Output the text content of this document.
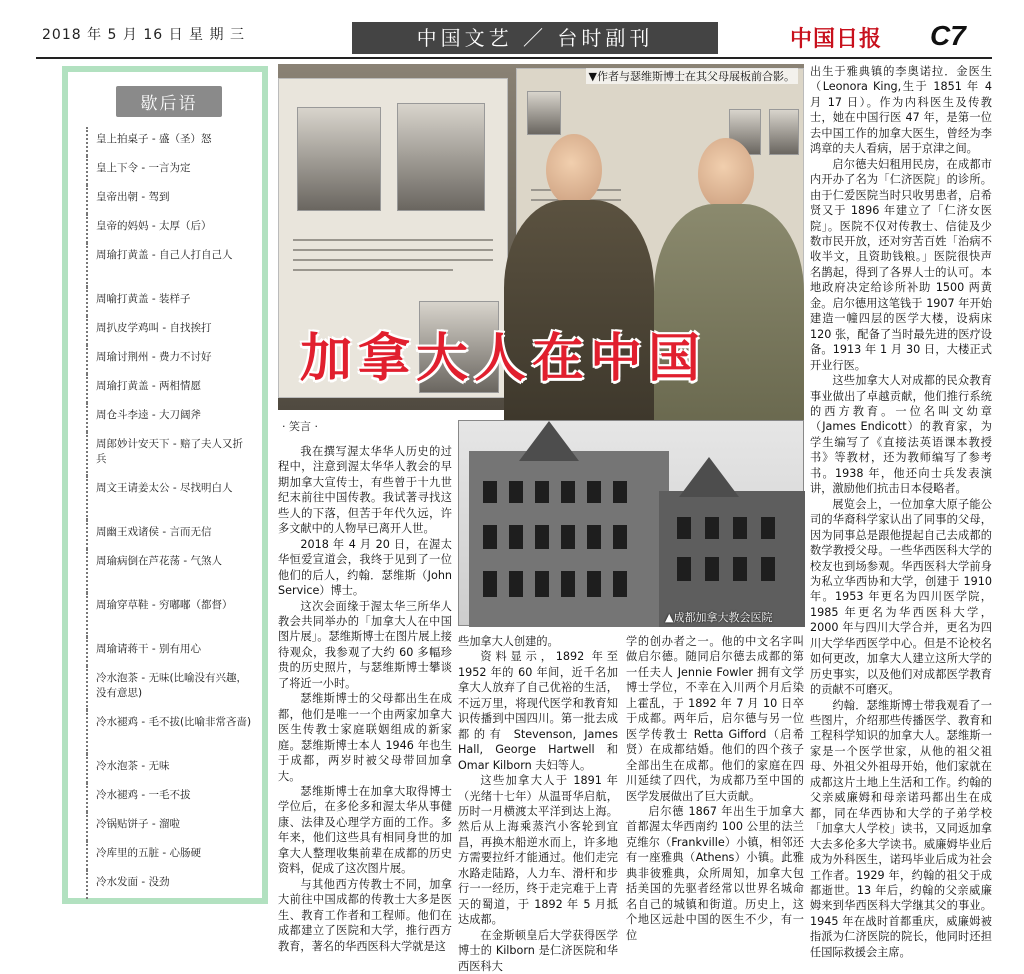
2018 年 5 月 16 日 星 期 三	中国文艺 ／ 台时副刊	中国日报 C7
歇后语
皇上拍桌子 - 盛（圣）怒
皇上下令 - 一言为定
皇帝出朝 - 驾到
皇帝的妈妈 - 太厚（后）
周瑜打黄盖 - 自己人打自己人
周喻打黄盖 - 装样子
周扒皮学鸡叫 - 自找挨打
周瑜讨荆州 - 费力不讨好
周瑜打黄盖 - 两相情愿
周仓斗李逵 - 大刀阔斧
周郎妙计安天下 - 赔了夫人又折兵
周文王请姜太公 - 尽找明白人
周幽王戏诸侯 - 言而无信
周瑜病倒在芦花荡 - 气煞人
周瑜穿草鞋 - 穷嘟嘟（都督）
周瑜请蒋干 - 别有用心
冷水泡茶 - 无味(比喻没有兴趣，没有意思)
冷水褪鸡 - 毛不拔(比喻非常吝啬)
冷水泡茶 - 无味
冷水褪鸡 - 一毛不拔
冷锅贴饼子 - 溜啦
冷库里的五脏 - 心肠硬
冷水发面 - 没劲
▼作者与瑟维斯博士在其父母展板前合影。
加拿大人在中国
· 笑言 ·

我在撰写渥太华华人历史的过程中，注意到渥太华华人教会的早期加拿大宣传士，有些曾于十九世纪末前往中国传教。我试著寻找这些人的下落，但苦于年代久远，许多文献中的人物早已离开人世。

2018 年 4 月 20 日，在渥太华恒爱宣道会，我终于见到了一位他们的后人，约翰．瑟维斯（John Service）博士。

这次会面缘于渥太华三所华人教会共同举办的「加拿大人在中国图片展」。瑟维斯博士在图片展上接待观众，我参观了大约 60 多幅珍贵的历史照片，与瑟维斯博士攀谈了将近一小时。

瑟维斯博士的父母都出生在成都，他们是唯一一个由两家加拿大医生传教士家庭联姻组成的新家庭。瑟维斯博士本人 1946 年也生于成都，两岁时被父母带回加拿大。

瑟维斯博士在加拿大取得博士学位后，在多伦多和渥太华从事健康、法律及心理学方面的工作。多年来，他们这些具有相同身世的加拿大人整理收集前辈在成都的历史资料，促成了这次图片展。

与其他西方传教士不同，加拿大前往中国成都的传教士大多是医生、教育工作者和工程师。他们在成都建立了医院和大学，推行西方教育，著名的华西医科大学就是这

▲成都加拿大教会医院

些加拿大人创建的。

资料显示，1892 年至 1952 年的 60 年间，近千名加拿大人放弃了自己优裕的生活，不远万里，将现代医学和教育知识传播到中国四川。第一批去成都的有 Stevenson, James Hall, George Hartwell 和 Omar Kilborn 夫妇等人。

这些加拿大人于 1891 年（光绪十七年）从温哥华启航，历时一月横渡太平洋到达上海。然后从上海乘蒸汽小客轮到宜昌，再换木船逆水而上，许多地方需要拉纤才能通过。他们走完水路走陆路，人力车、滑杆和步行一一经历，终于走完难于上青天的蜀道，于 1892 年 5 月抵达成都。

在金斯顿皇后大学获得医学博士的 Kilborn 是仁济医院和华西医科大

学的创办者之一。他的中文名字叫做启尔德。随同启尔德去成都的第一任夫人 Jennie Fowler 拥有文学博士学位，不幸在入川两个月后染上霍乱，于 1892 年 7 月 10 日卒于成都。两年后，启尔德与另一位医学传教士 Retta Gifford（启希贤）在成都结婚。他们的四个孩子全部出生在成都。他们的家庭在四川延续了四代，为成都乃至中国的医学发展做出了巨大贡献。

启尔德 1867 年出生于加拿大首都渥太华西南约 100 公里的法兰克维尔（Frankville）小镇，相邻还有一座雅典（Athens）小镇。此雅典非彼雅典，众所周知，加拿大包括美国的先驱者经常以世界名城命名自己的城镇和街道。历史上，这个地区远赴中国的医生不少，有一位

出生于雅典镇的李奥诺拉．金医生（Leonora King,生于 1851 年 4 月 17 日）。作为内科医生及传教士，她在中国行医 47 年，是第一位去中国工作的加拿大医生，曾经为李鸿章的夫人看病，居于京津之间。

启尔德夫妇租用民房，在成都市内开办了名为「仁济医院」的诊所。由于仁爱医院当时只收男患者，启希贤又于 1896 年建立了「仁济女医院」。医院不仅对传教士、信徒及少数市民开放，还对穷苦百姓「治病不收半文，且资助钱粮。」医院很快声名鹊起，得到了各界人士的认可。本地政府决定给诊所补助 1500 两黄金。启尔德用这笔钱于 1907 年开始建造一幢四层的医学大楼，设病床 120 张，配备了当时最先进的医疗设备。1913 年 1 月 30 日，大楼正式开业行医。

这些加拿大人对成都的民众教育事业做出了卓越贡献，他们推行系统的西方教育。一位名叫文幼章（James Endicott）的教育家，为学生编写了《直接法英语课本教授书》等教材，还为教师编写了参考书。1938 年，他还向士兵发表演讲，激励他们抗击日本侵略者。

展览会上，一位加拿大原子能公司的华裔科学家认出了同事的父母，因为同事总是跟他提起自己去成都的数学教授父母。一些华西医科大学的校友也到场参观。华西医科大学前身为私立华西协和大学，创建于 1910 年。1953 年更名为四川医学院，1985 年更名为华西医科大学，2000 年与四川大学合并，更名为四川大学华西医学中心。但是不论校名如何更改，加拿大人建立这所大学的历史事实，以及他们对成都医学教育的贡献不可磨灭。

约翰．瑟维斯博士带我观看了一些图片，介绍那些传播医学、教育和工程科学知识的加拿大人。瑟维斯一家是一个医学世家，从他的祖父祖母、外祖父外祖母开始，他们家就在成都这片土地上生活和工作。约翰的父亲威廉姆和母亲诺玛都出生在成都，同在华西协和大学的子弟学校「加拿大人学校」读书，又同返加拿大去多伦多大学读书。威廉姆毕业后成为外科医生，诺玛毕业后成为社会工作者。1929 年，约翰的祖父于成都逝世。13 年后，约翰的父亲威廉姆来到华西医科大学继其父的事业。1945 年在战时首都重庆，威廉姆被指派为仁济医院的院长，他同时还担任国际救援会主席。
